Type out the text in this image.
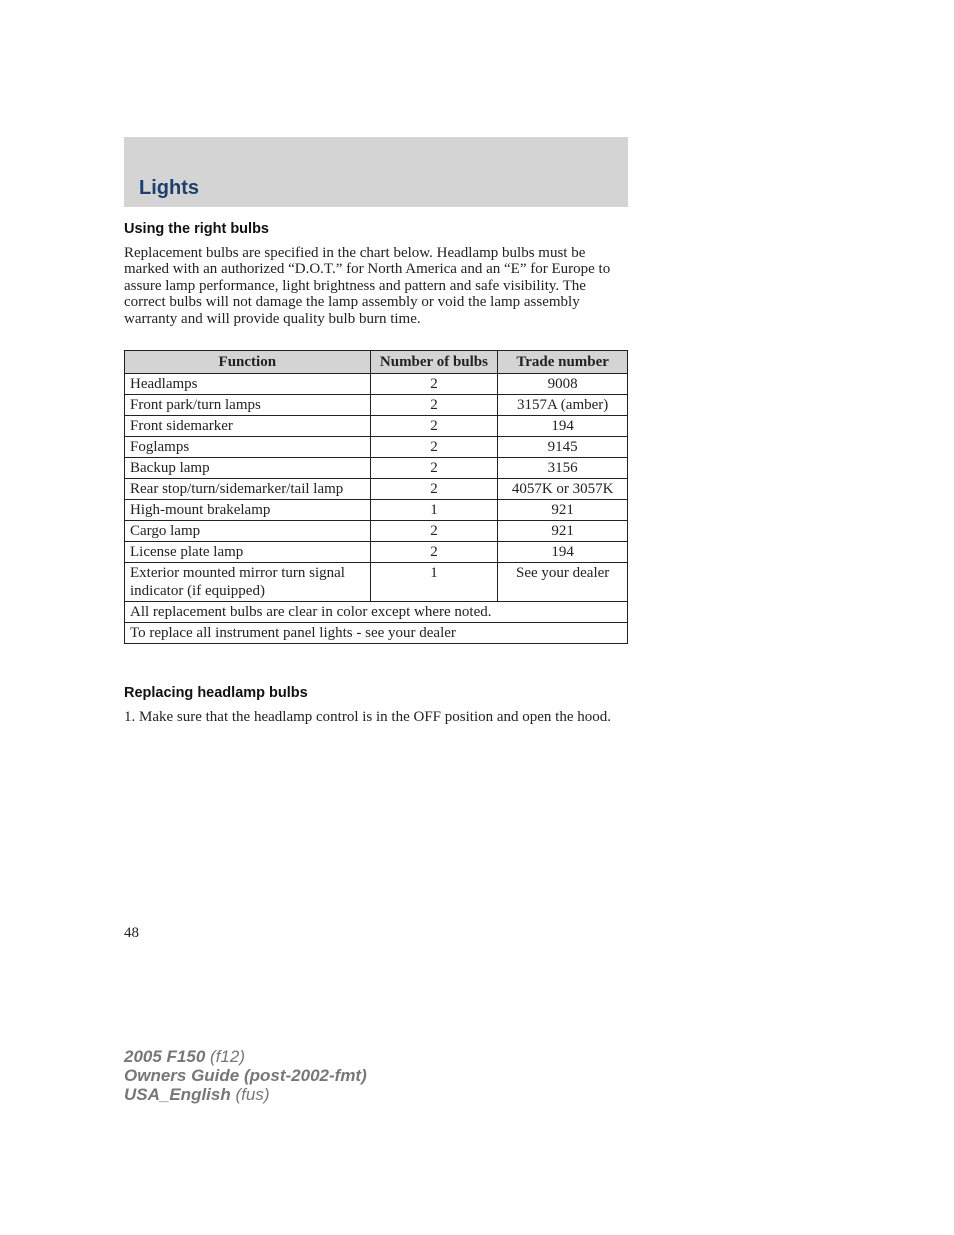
Lights
Using the right bulbs
Replacement bulbs are specified in the chart below. Headlamp bulbs must be marked with an authorized “D.O.T.” for North America and an “E” for Europe to assure lamp performance, light brightness and pattern and safe visibility. The correct bulbs will not damage the lamp assembly or void the lamp assembly warranty and will provide quality bulb burn time.
Function	Number of bulbs	Trade number
Headlamps	2	9008
Front park/turn lamps	2	3157A (amber)
Front sidemarker	2	194
Foglamps	2	9145
Backup lamp	2	3156
Rear stop/turn/sidemarker/tail lamp	2	4057K or 3057K
High-mount brakelamp	1	921
Cargo lamp	2	921
License plate lamp	2	194
Exterior mounted mirror turn signal indicator (if equipped)	1	See your dealer
All replacement bulbs are clear in color except where noted.		
To replace all instrument panel lights - see your dealer		
Replacing headlamp bulbs
1. Make sure that the headlamp control is in the OFF position and open the hood.
48
2005 F150 (f12)
Owners Guide (post-2002-fmt)
USA_English (fus)
